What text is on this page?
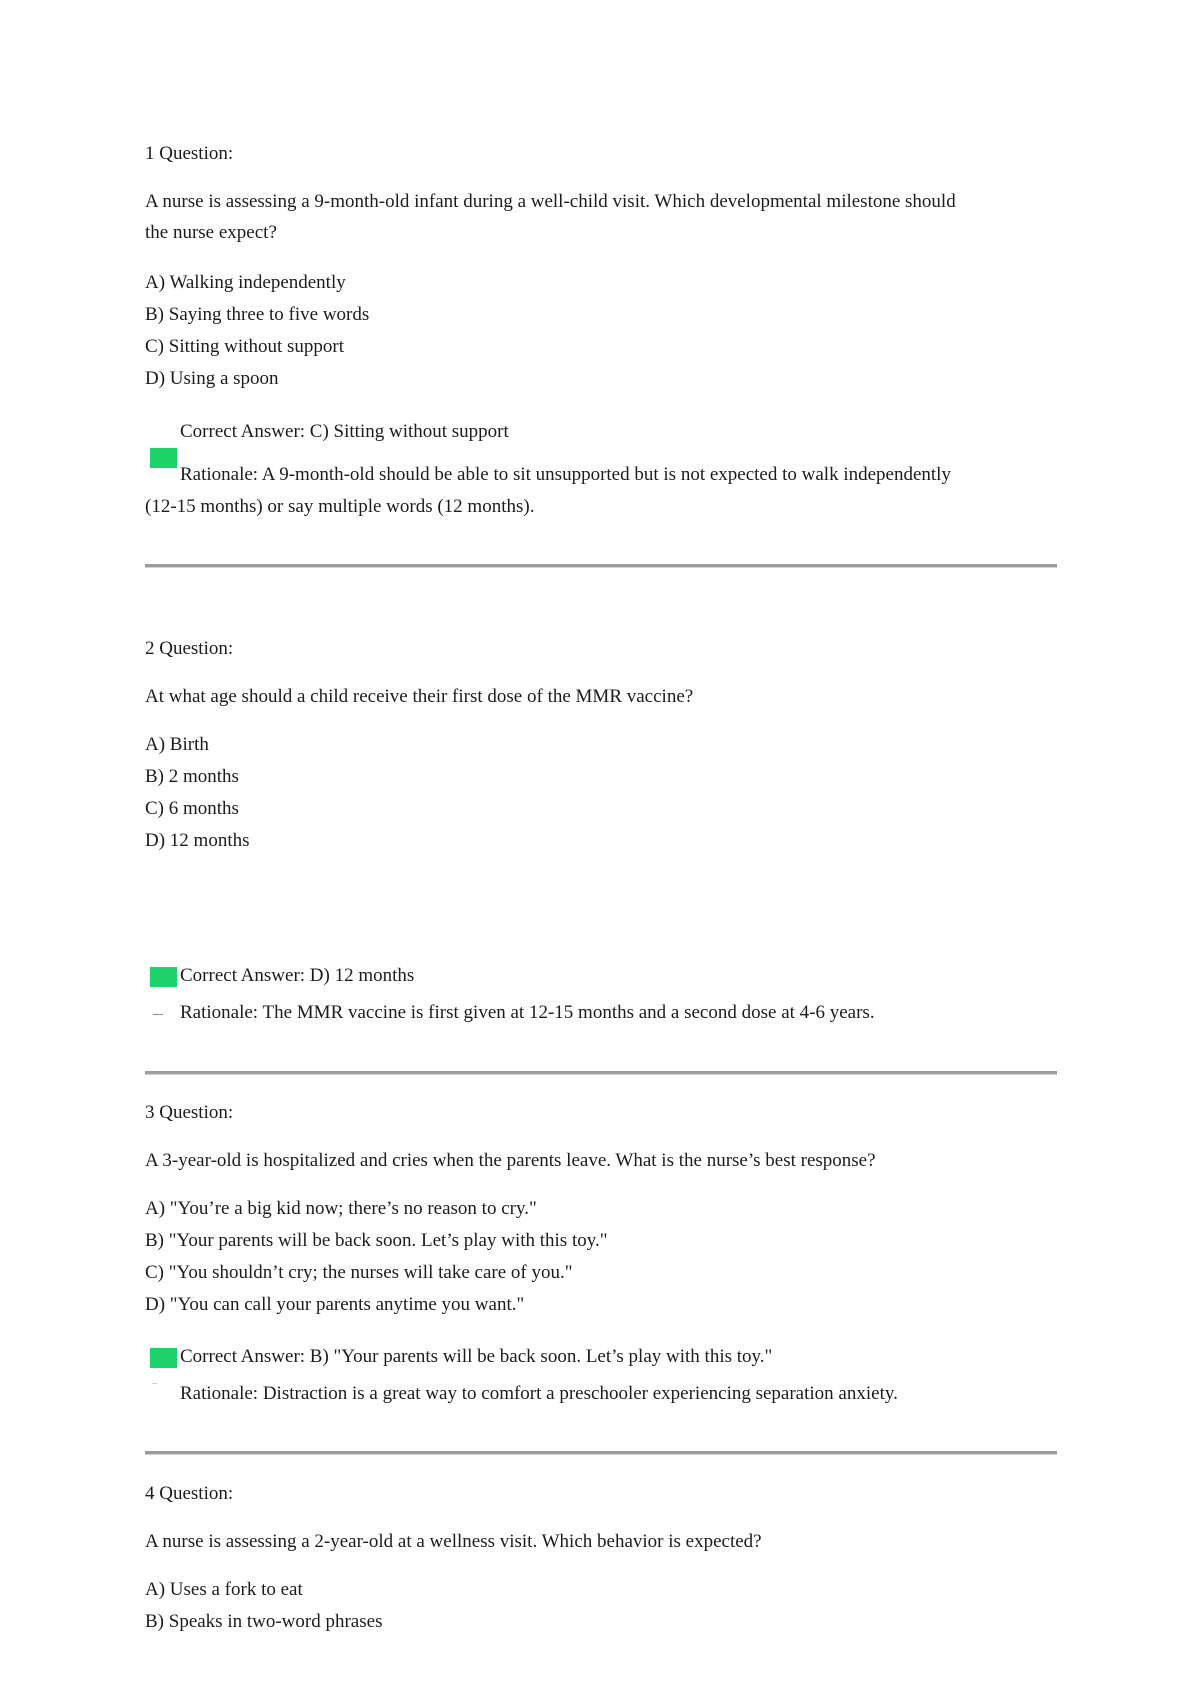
1 Question:
A nurse is assessing a 9-month-old infant during a well-child visit. Which developmental milestone should
the nurse expect?
A) Walking independently
B) Saying three to five words
C) Sitting without support
D) Using a spoon
Correct Answer: C) Sitting without support
Rationale: A 9-month-old should be able to sit unsupported but is not expected to walk independently
(12-15 months) or say multiple words (12 months).
2 Question:
At what age should a child receive their first dose of the MMR vaccine?
A) Birth
B) 2 months
C) 6 months
D) 12 months
Correct Answer: D) 12 months
Rationale: The MMR vaccine is first given at 12-15 months and a second dose at 4-6 years.
3 Question:
A 3-year-old is hospitalized and cries when the parents leave. What is the nurse’s best response?
A) "You’re a big kid now; there’s no reason to cry."
B) "Your parents will be back soon. Let’s play with this toy."
C) "You shouldn’t cry; the nurses will take care of you."
D) "You can call your parents anytime you want."
Correct Answer: B) "Your parents will be back soon. Let’s play with this toy."
Rationale: Distraction is a great way to comfort a preschooler experiencing separation anxiety.
4 Question:
A nurse is assessing a 2-year-old at a wellness visit. Which behavior is expected?
A) Uses a fork to eat
B) Speaks in two-word phrases
